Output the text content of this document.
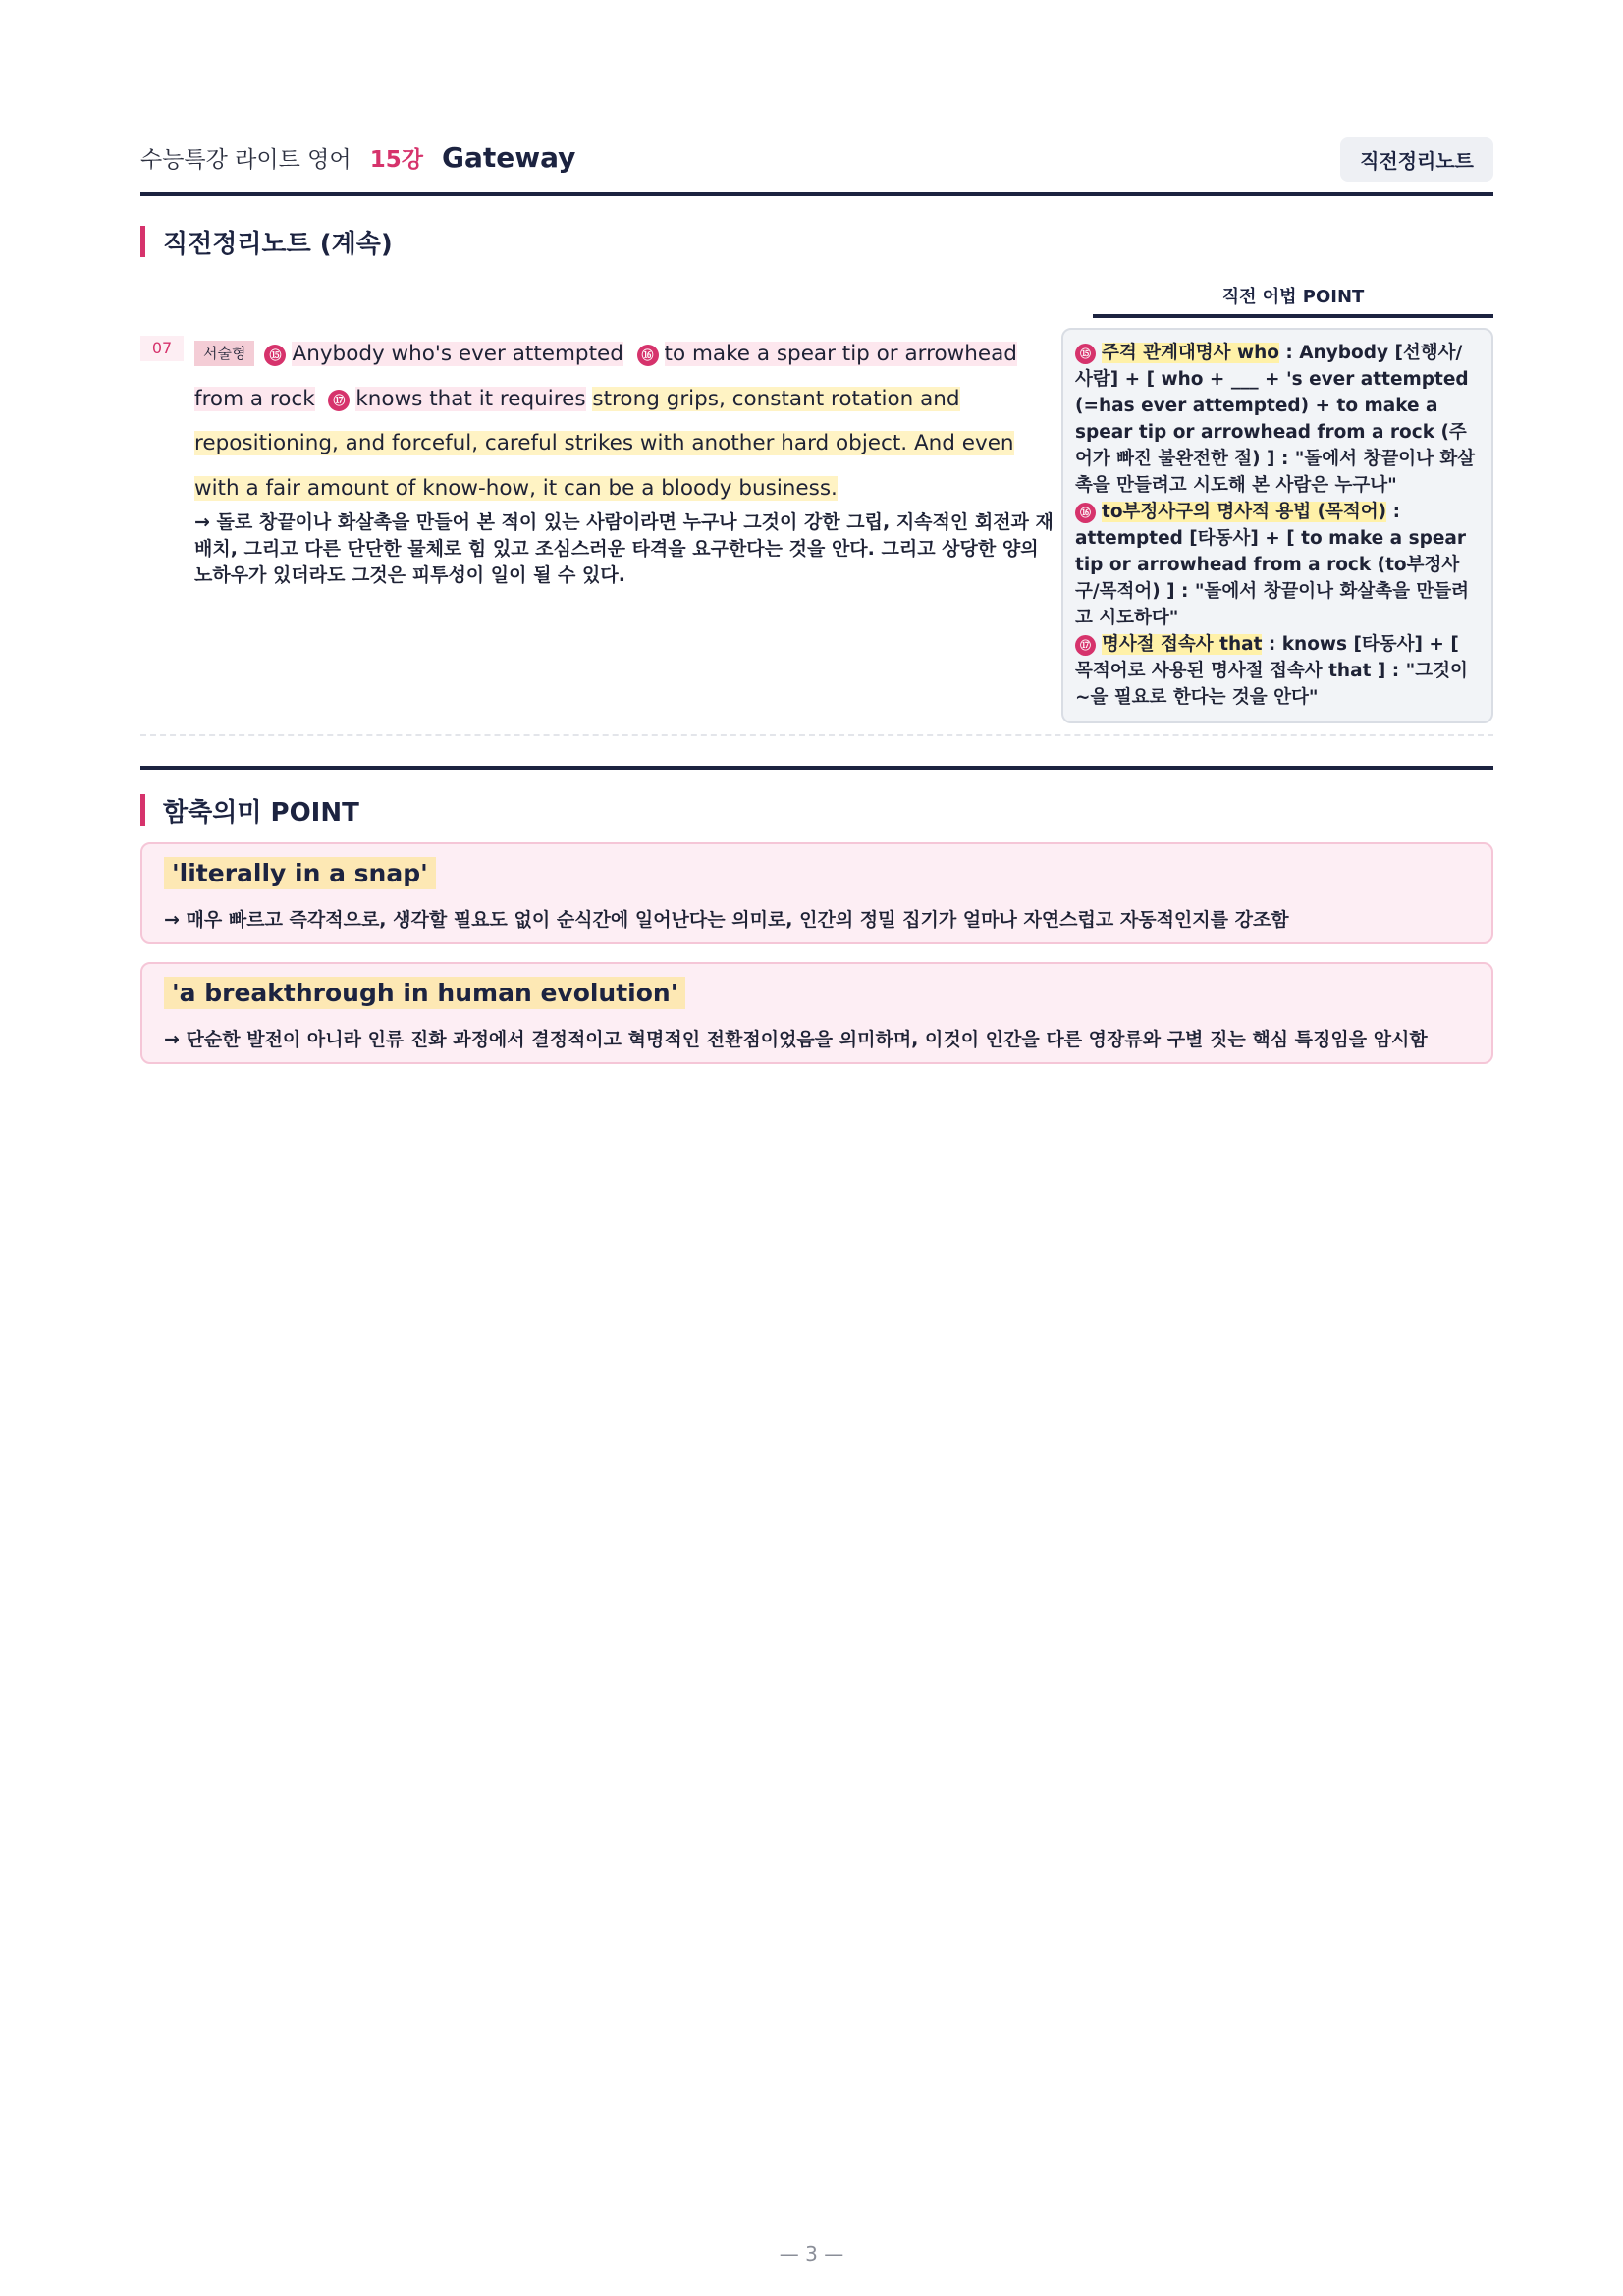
수능특강 라이트 영어 15강 Gateway	직전정리노트
직전정리노트 (계속)
직전 어법 POINT
07	서술형 ⑮ Anybody who's ever attempted ⑯ to make a spear tip or arrowhead from a rock ⑰ knows that it requires strong grips, constant rotation and repositioning, and forceful, careful strikes with another hard object. And even with a fair amount of know-how, it can be a bloody business.
→ 돌로 창끝이나 화살촉을 만들어 본 적이 있는 사람이라면 누구나 그것이 강한 그립, 지속적인 회전과 재배치, 그리고 다른 단단한 물체로 힘 있고 조심스러운 타격을 요구한다는 것을 안다. 그리고 상당한 양의 노하우가 있더라도 그것은 피투성이 일이 될 수 있다.
⑮ 주격 관계대명사 who : Anybody [선행사/사람] + [ who + ___ + 's ever attempted (=has ever attempted) + to make a spear tip or arrowhead from a rock (주어가 빠진 불완전한 절) ] : "돌에서 창끝이나 화살촉을 만들려고 시도해 본 사람은 누구나"
⑯ to부정사구의 명사적 용법 (목적어) : attempted [타동사] + [ to make a spear tip or arrowhead from a rock (to부정사구/목적어) ] : "돌에서 창끝이나 화살촉을 만들려고 시도하다"
⑰ 명사절 접속사 that : knows [타동사] + [ 목적어로 사용된 명사절 접속사 that ] : "그것이 ~을 필요로 한다는 것을 안다"
함축의미 POINT
'literally in a snap'
→ 매우 빠르고 즉각적으로, 생각할 필요도 없이 순식간에 일어난다는 의미로, 인간의 정밀 집기가 얼마나 자연스럽고 자동적인지를 강조함
'a breakthrough in human evolution'
→ 단순한 발전이 아니라 인류 진화 과정에서 결정적이고 혁명적인 전환점이었음을 의미하며, 이것이 인간을 다른 영장류와 구별 짓는 핵심 특징임을 암시함
— 3 —
